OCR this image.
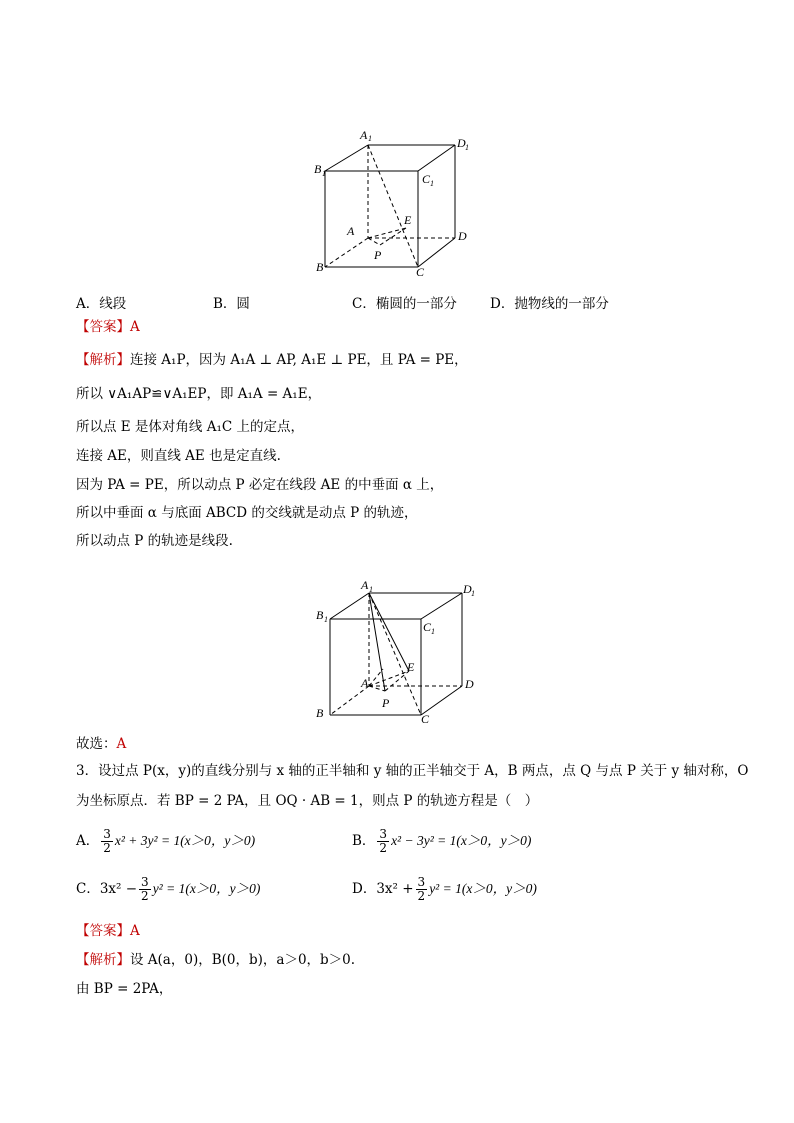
A 1	D 1
B 1	C 1
E
A	D
P
B	C
A．线段	B．圆	C．椭圆的一部分 D．抛物线的一部分
【答案】A
【解析】连接 A₁P，因为 A₁A ⊥ AP, A₁E ⊥ PE，且 PA = PE，
所以 ∨A₁AP≌∨A₁EP，即 A₁A = A₁E，
所以点 E 是体对角线 A₁C 上的定点，
连接 AE，则直线 AE 也是定直线.
因为 PA = PE，所以动点 P 必定在线段 AE 的中垂面 α 上，
所以中垂面 α 与底面 ABCD 的交线就是动点 P 的轨迹，
所以动点 P 的轨迹是线段.
A 1	D 1
B 1
C 1
E
A	D
P
B	C
故选：A
3．设过点 P(x，y)的直线分别与 x 轴的正半轴和 y 轴的正半轴交于 A，B 两点，点 Q 与点 P 关于 y 轴对称，O
为坐标原点．若 BP = 2 PA，且 OQ · AB = 1，则点 P 的轨迹方程是（　）
A． $\frac{3}{2} x^2 + 3y^2 = 1(x>0$，y＞0)	B． $\frac{3}{2} x^2 - 3y^2 = 1(x>0$，y＞0)
C．$3x^2 - \frac{3}{2} y^2 = 1(x>0$，y＞0)	D．$3x^2 + \frac{3}{2} y^2 = 1(x>0$，y＞0)
【答案】A
【解析】设 A(a，0)，B(0，b)，a＞0，b＞0.
由 BP = 2PA，
